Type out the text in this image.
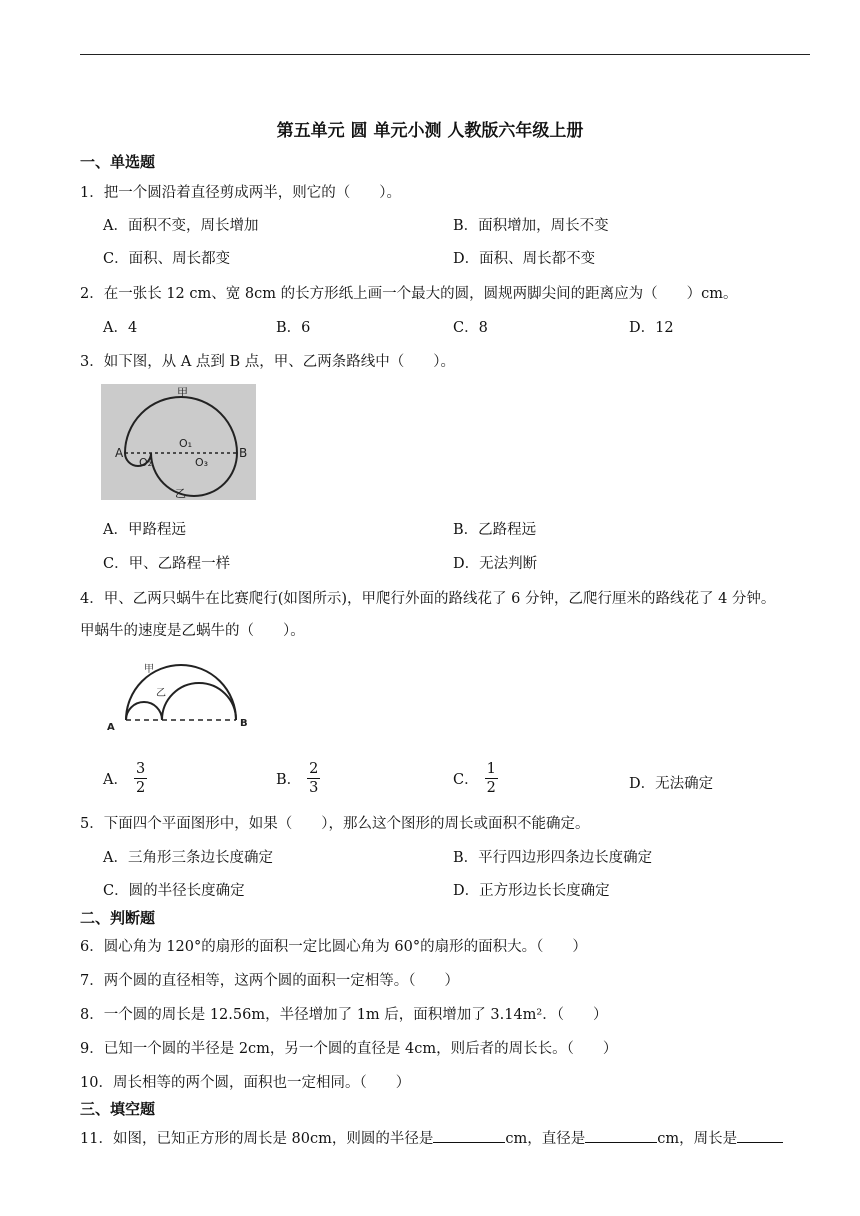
第五单元 圆 单元小测 人教版六年级上册
一、单选题
1．把一个圆沿着直径剪成两半，则它的（　　）。
A．面积不变，周长增加	B．面积增加，周长不变
C．面积、周长都变	D．面积、周长都不变
2．在一张长 12 cm、宽 8cm 的长方形纸上画一个最大的圆，圆规两脚尖间的距离应为（　　）cm。
A．4	B．6	C．8	D．12
3．如下图，从 A 点到 B 点，甲、乙两条路线中（　　）。
甲
A	B
O₁
O₂	O₃
乙
A．甲路程远	B．乙路程远
C．甲、乙路程一样	D．无法判断
4．甲、乙两只蜗牛在比赛爬行(如图所示)，甲爬行外面的路线花了 6 分钟，乙爬行厘米的路线花了 4 分钟。
甲蜗牛的速度是乙蜗牛的（　　）。
甲
乙
A	B
A． $\frac{3}{2}$	B． $\frac{2}{3}$	C． $\frac{1}{2}$	D．无法确定
5．下面四个平面图形中，如果（　　），那么这个图形的周长或面积不能确定。
A．三角形三条边长度确定	B．平行四边形四条边长度确定
C．圆的半径长度确定	D．正方形边长长度确定
二、判断题
6．圆心角为 120°的扇形的面积一定比圆心角为 60°的扇形的面积大。（　　）
7．两个圆的直径相等，这两个圆的面积一定相等。（　　）
8．一个圆的周长是 12.56m，半径增加了 1m 后，面积增加了 3.14m²．（　　）
9．已知一个圆的半径是 2cm，另一个圆的直径是 4cm，则后者的周长长。（　　）
10．周长相等的两个圆，面积也一定相同。（　　）
三、填空题
11．如图，已知正方形的周长是 80cm，则圆的半径是	cm，直径是	cm，周长是
